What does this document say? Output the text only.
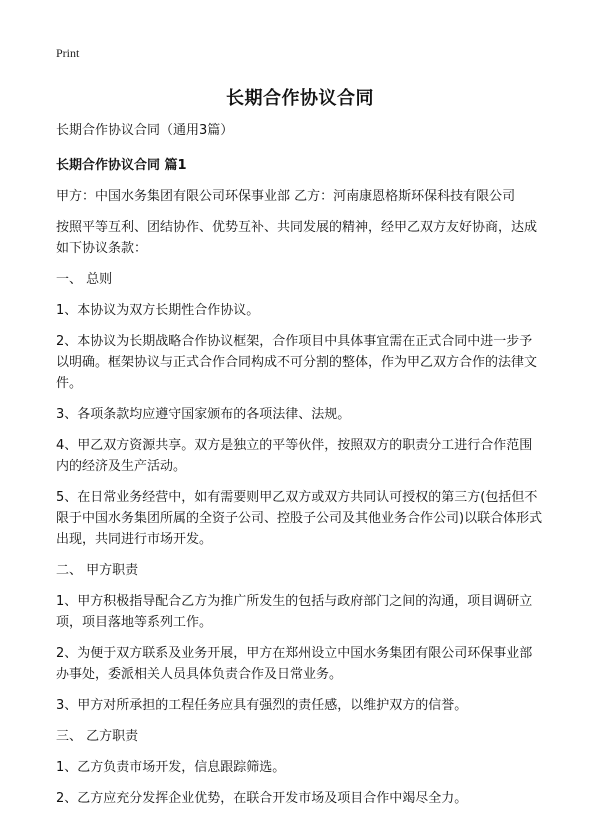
Print
长期合作协议合同

长期合作协议合同（通用3篇）

长期合作协议合同 篇1

甲方：中国水务集团有限公司环保事业部 乙方：河南康恩格斯环保科技有限公司

按照平等互利、团结协作、优势互补、共同发展的精神，经甲乙双方友好协商，达成如下协议条款：

一、 总则

1、本协议为双方长期性合作协议。

2、本协议为长期战略合作协议框架，合作项目中具体事宜需在正式合同中进一步予以明确。框架协议与正式合作合同构成不可分割的整体，作为甲乙双方合作的法律文件。

3、各项条款均应遵守国家颁布的各项法律、法规。

4、甲乙双方资源共享。双方是独立的平等伙伴，按照双方的职责分工进行合作范围内的经济及生产活动。

5、在日常业务经营中，如有需要则甲乙双方或双方共同认可授权的第三方(包括但不限于中国水务集团所属的全资子公司、控股子公司及其他业务合作公司)以联合体形式出现，共同进行市场开发。

二、 甲方职责

1、甲方积极指导配合乙方为推广所发生的包括与政府部门之间的沟通，项目调研立项，项目落地等系列工作。

2、为便于双方联系及业务开展，甲方在郑州设立中国水务集团有限公司环保事业部办事处，委派相关人员具体负责合作及日常业务。

3、甲方对所承担的工程任务应具有强烈的责任感，以维护双方的信誉。

三、 乙方职责

1、乙方负责市场开发，信息跟踪筛选。

2、乙方应充分发挥企业优势，在联合开发市场及项目合作中竭尽全力。
